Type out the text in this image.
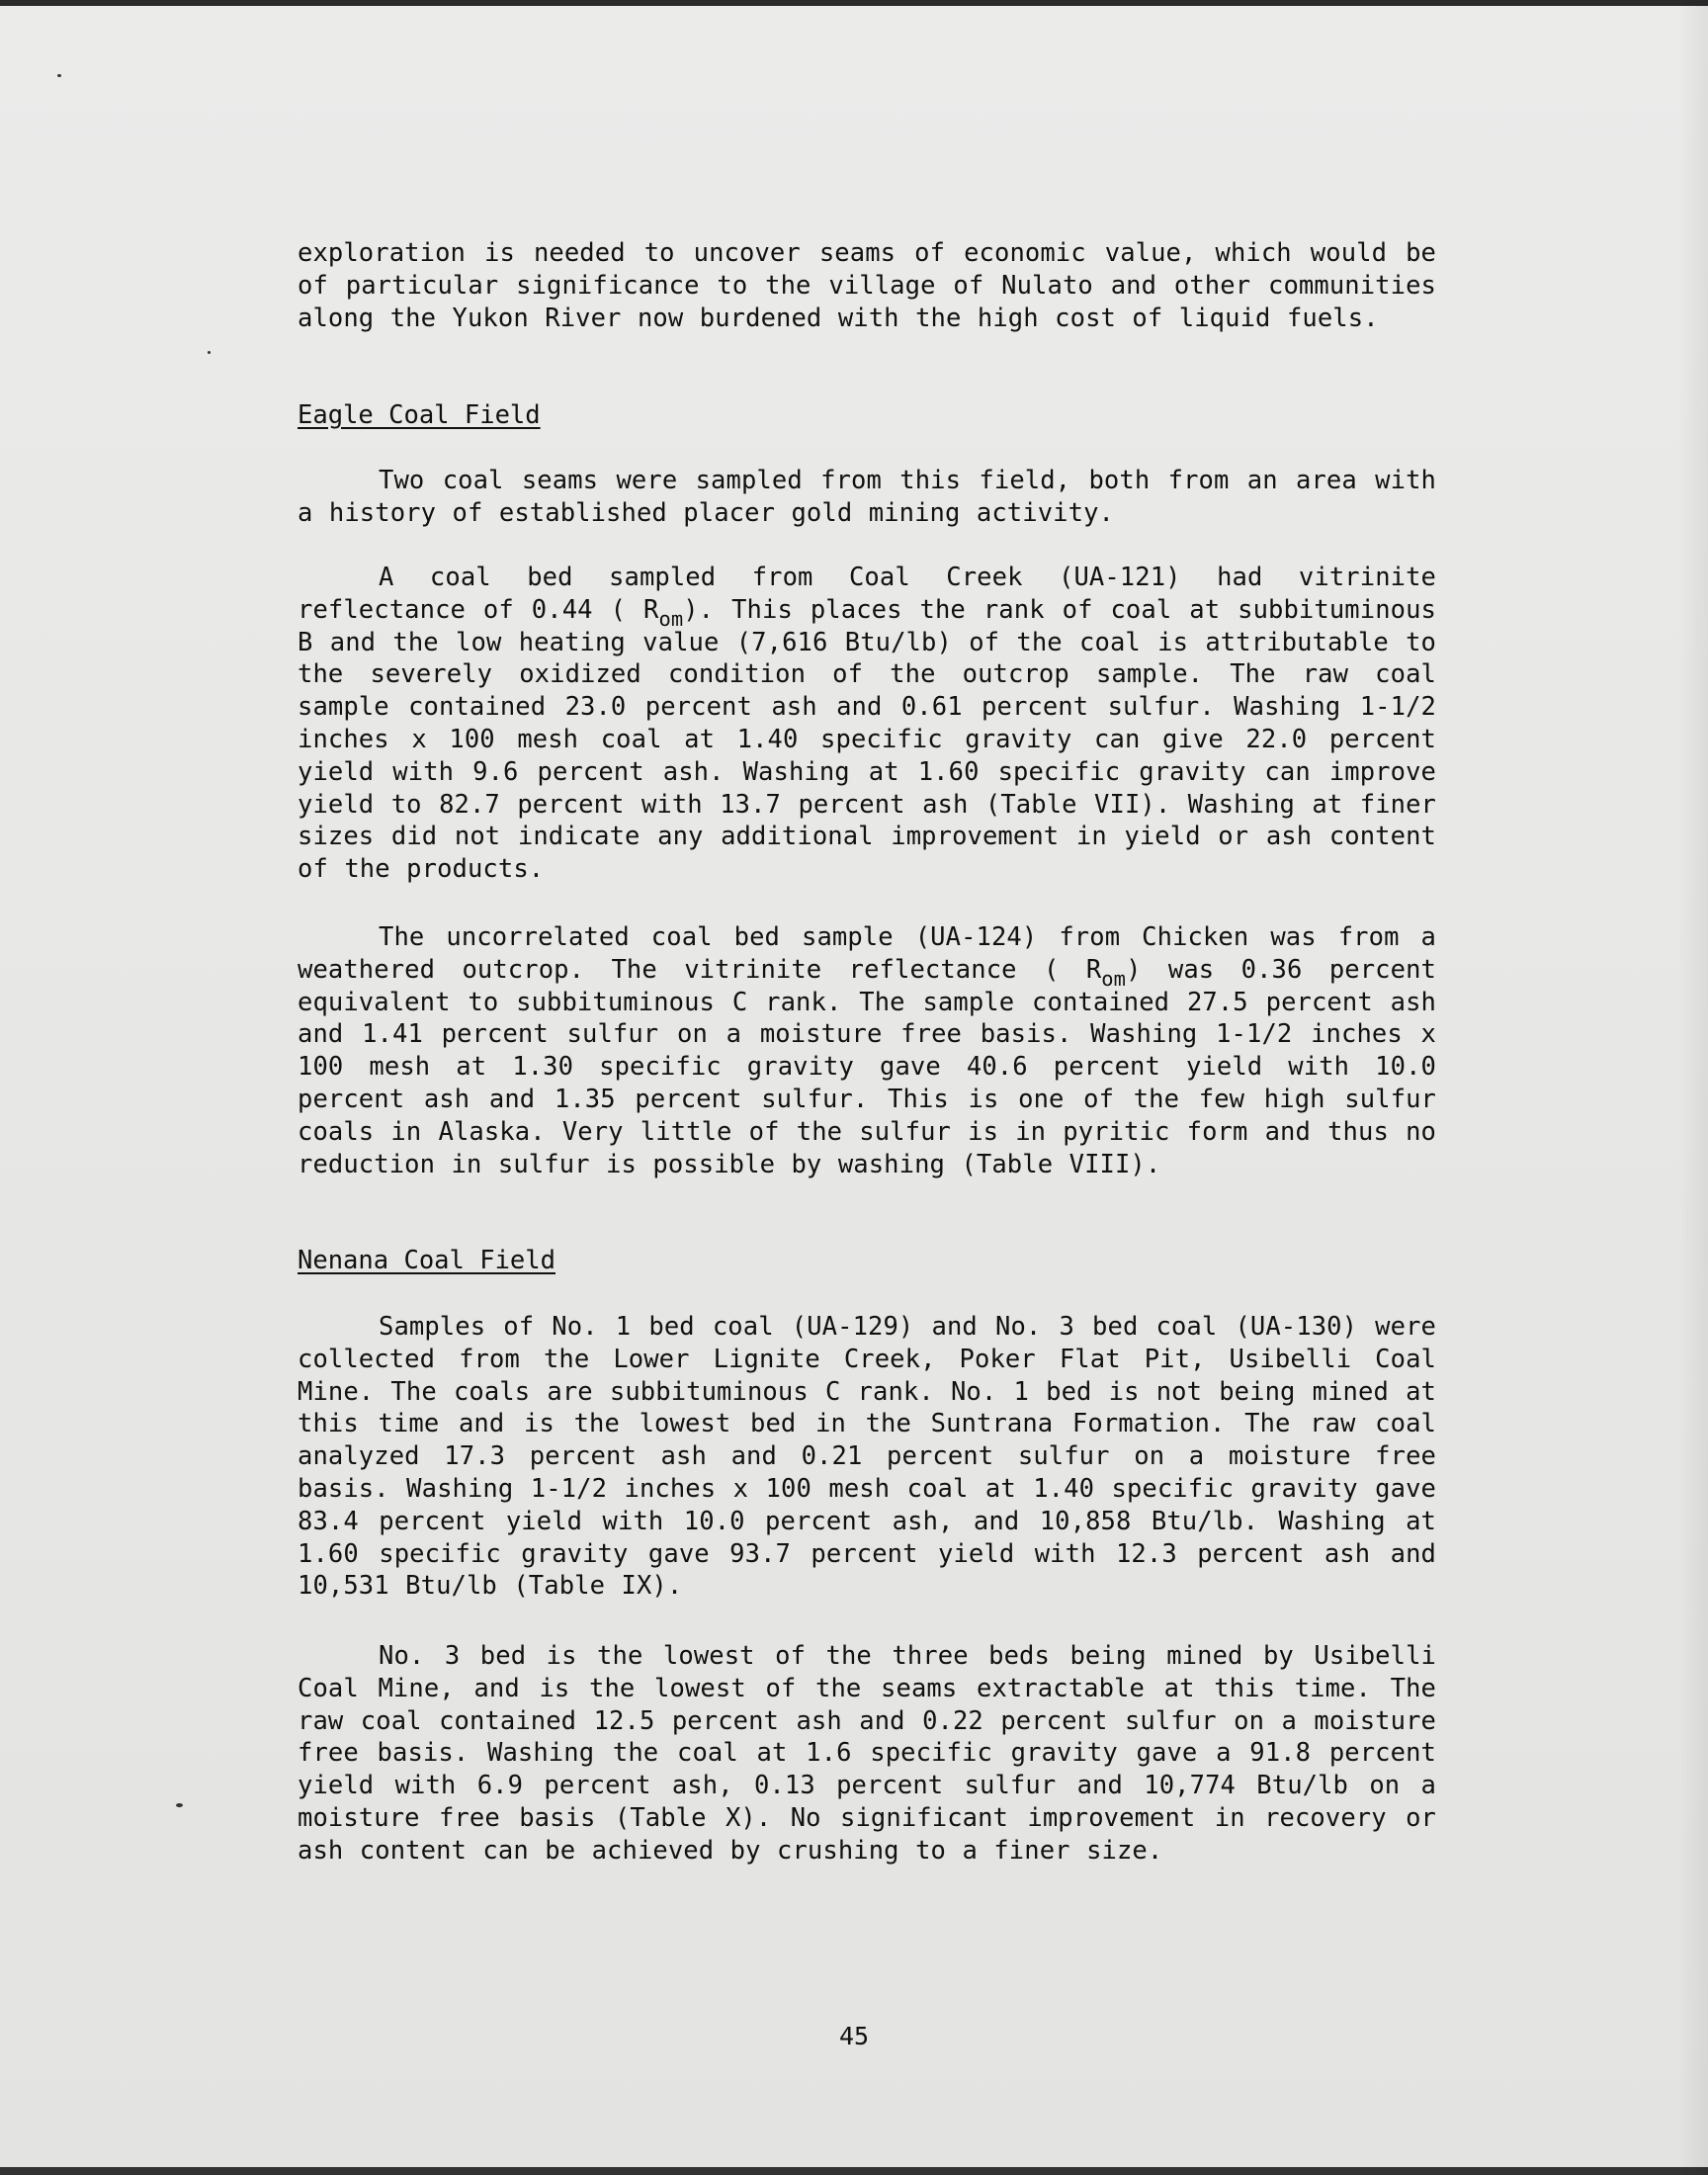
exploration is needed to uncover seams of economic value, which would be of particular significance to the village of Nulato and other communities along the Yukon River now burdened with the high cost of liquid fuels.

Eagle Coal Field

Two coal seams were sampled from this field, both from an area with a history of established placer gold mining activity.

A coal bed sampled from Coal Creek (UA-121) had vitrinite reflectance of 0.44 ( $R_{om}$). This places the rank of coal at subbituminous B and the low heating value (7,616 Btu/lb) of the coal is attributable to the severely oxidized condition of the outcrop sample. The raw coal sample contained 23.0 percent ash and 0.61 percent sulfur. Washing 1-1/2 inches x 100 mesh coal at 1.40 specific gravity can give 22.0 percent yield with 9.6 percent ash. Washing at 1.60 specific gravity can improve yield to 82.7 percent with 13.7 percent ash (Table VII). Washing at finer sizes did not indicate any additional improvement in yield or ash content of the products.

The uncorrelated coal bed sample (UA-124) from Chicken was from a weathered outcrop. The vitrinite reflectance ( $R_{om}$) was 0.36 percent equivalent to subbituminous C rank. The sample contained 27.5 percent ash and 1.41 percent sulfur on a moisture free basis. Washing 1-1/2 inches x 100 mesh at 1.30 specific gravity gave 40.6 percent yield with 10.0 percent ash and 1.35 percent sulfur. This is one of the few high sulfur coals in Alaska. Very little of the sulfur is in pyritic form and thus no reduction in sulfur is possible by washing (Table VIII).

Nenana Coal Field

Samples of No. 1 bed coal (UA-129) and No. 3 bed coal (UA-130) were collected from the Lower Lignite Creek, Poker Flat Pit, Usibelli Coal Mine. The coals are subbituminous C rank. No. 1 bed is not being mined at this time and is the lowest bed in the Suntrana Formation. The raw coal analyzed 17.3 percent ash and 0.21 percent sulfur on a moisture free basis. Washing 1-1/2 inches x 100 mesh coal at 1.40 specific gravity gave 83.4 percent yield with 10.0 percent ash, and 10,858 Btu/lb. Washing at 1.60 specific gravity gave 93.7 percent yield with 12.3 percent ash and 10,531 Btu/lb (Table IX).

No. 3 bed is the lowest of the three beds being mined by Usibelli Coal Mine, and is the lowest of the seams extractable at this time. The raw coal contained 12.5 percent ash and 0.22 percent sulfur on a moisture free basis. Washing the coal at 1.6 specific gravity gave a 91.8 percent yield with 6.9 percent ash, 0.13 percent sulfur and 10,774 Btu/lb on a moisture free basis (Table X). No significant improvement in recovery or ash content can be achieved by crushing to a finer size.

45
